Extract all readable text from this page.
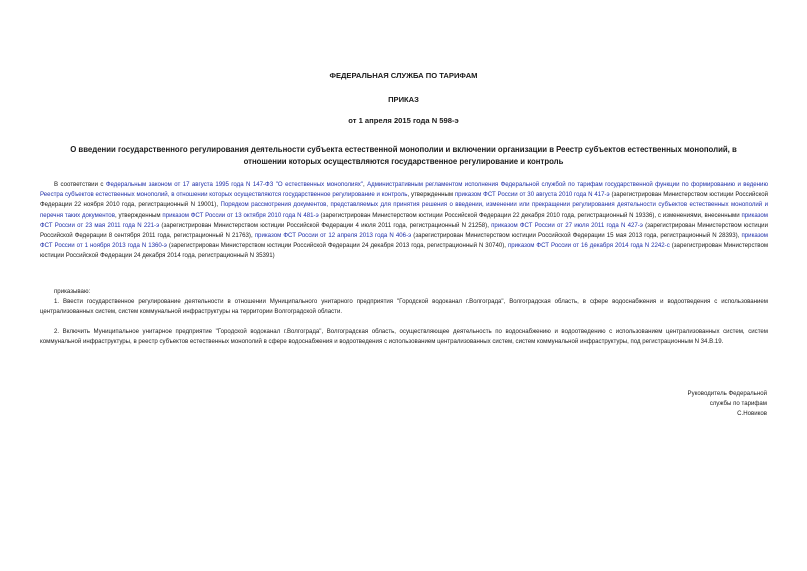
ФЕДЕРАЛЬНАЯ СЛУЖБА ПО ТАРИФАМ
ПРИКАЗ
от 1 апреля 2015 года N 598-э
О введении государственного регулирования деятельности субъекта естественной монополии и включении организации в Реестр субъектов естественных монополий, в отношении которых осуществляются государственное регулирование и контроль
В соответствии с Федеральным законом от 17 августа 1995 года N 147-ФЗ "О естественных монополиях", Административным регламентом исполнения Федеральной службой по тарифам государственной функции по формированию и ведению Реестра субъектов естественных монополий, в отношении которых осуществляются государственное регулирование и контроль, утвержденным приказом ФСТ России от 30 августа 2010 года N 417-э (зарегистрирован Министерством юстиции Российской Федерации 22 ноября 2010 года, регистрационный N 19001), Порядком рассмотрения документов, представляемых для принятия решения о введении, изменении или прекращении регулирования деятельности субъектов естественных монополий и перечня таких документов, утвержденным приказом ФСТ России от 13 октября 2010 года N 481-э (зарегистрирован Министерством юстиции Российской Федерации 22 декабря 2010 года, регистрационный N 19336), с изменениями, внесенными приказом ФСТ России от 23 мая 2011 года N 221-э (зарегистрирован Министерством юстиции Российской Федерации 4 июля 2011 года, регистрационный N 21258), приказом ФСТ России от 27 июля 2011 года N 427-э (зарегистрирован Министерством юстиции Российской Федерации 8 сентября 2011 года, регистрационный N 21763), приказом ФСТ России от 12 апреля 2013 года N 406-э (зарегистрирован Министерством юстиции Российской Федерации 15 мая 2013 года, регистрационный N 28393), приказом ФСТ России от 1 ноября 2013 года N 1360-э (зарегистрирован Министерством юстиции Российской Федерации 24 декабря 2013 года, регистрационный N 30740), приказом ФСТ России от 16 декабря 2014 года N 2242-с (зарегистрирован Министерством юстиции Российской Федерации 24 декабря 2014 года, регистрационный N 35391)
приказываю:
1. Ввести государственное регулирование деятельности в отношении Муниципального унитарного предприятия "Городской водоканал г.Волгограда", Волгоградская область, в сфере водоснабжения и водоотведения с использованием централизованных систем, систем коммунальной инфраструктуры на территории Волгоградской области.
2. Включить Муниципальное унитарное предприятие "Городской водоканал г.Волгограда", Волгоградская область, осуществляющее деятельность по водоснабжению и водоотведению с использованием централизованных систем, систем коммунальной инфраструктуры, в реестр субъектов естественных монополий в сфере водоснабжения и водоотведения с использованием централизованных систем, систем коммунальной инфраструктуры, под регистрационным N 34.В.19.
Руководитель Федеральной
службы по тарифам
С.Новиков
